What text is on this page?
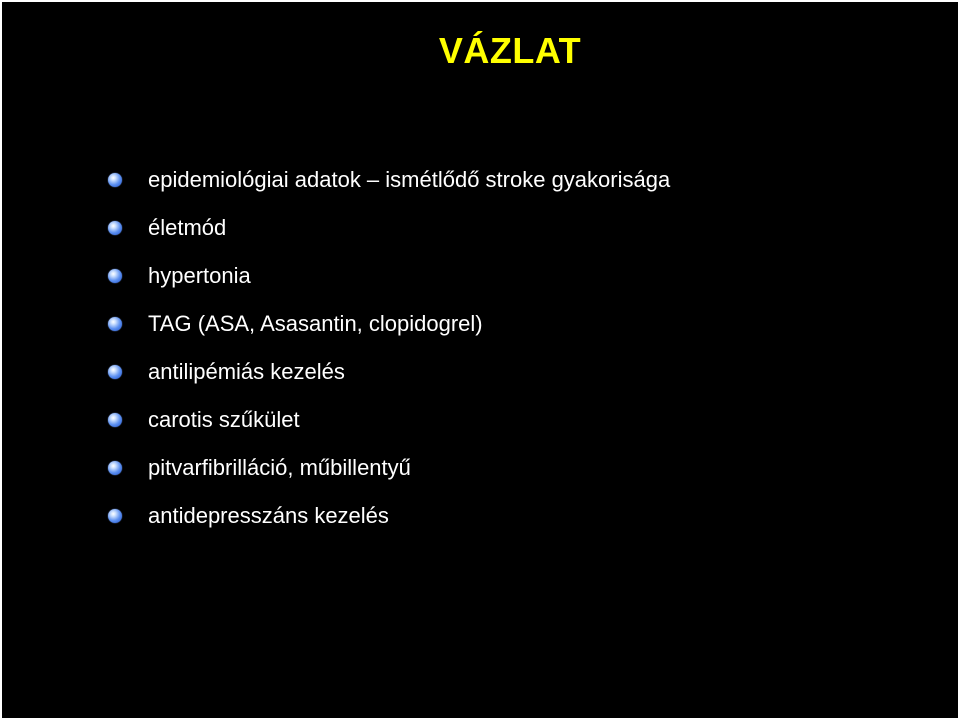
VÁZLAT
epidemiológiai adatok – ismétlődő stroke gyakorisága
életmód
hypertonia
TAG (ASA, Asasantin, clopidogrel)
antilipémiás kezelés
carotis szűkület
pitvarfibrilláció, műbillentyű
antidepresszáns kezelés
